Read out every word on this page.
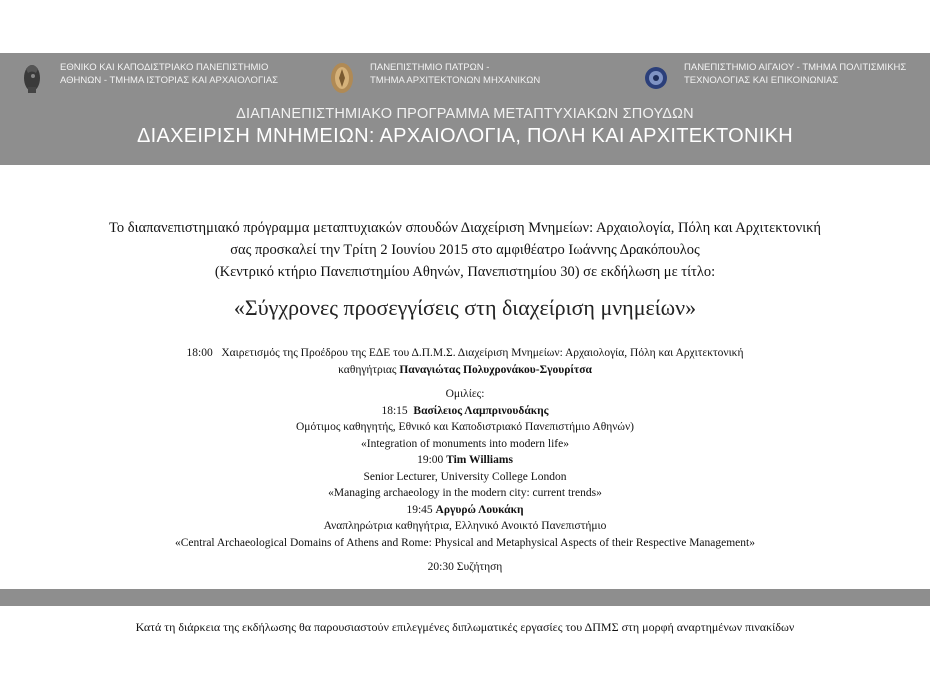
ΕΘΝΙΚΟ ΚΑΙ ΚΑΠΟΔΙΣΤΡΙΑΚΟ ΠΑΝΕΠΙΣΤΗΜΙΟ
ΑΘΗΝΩΝ - ΤΜΗΜΑ ΙΣΤΟΡΙΑΣ ΚΑΙ ΑΡΧΑΙΟΛΟΓΙΑΣ
ΠΑΝΕΠΙΣΤΗΜΙΟ ΠΑΤΡΩΝ -
ΤΜΗΜΑ ΑΡΧΙΤΕΚΤΟΝΩΝ ΜΗΧΑΝΙΚΩΝ
ΠΑΝΕΠΙΣΤΗΜΙΟ ΑΙΓΑΙΟΥ - ΤΜΗΜΑ ΠΟΛΙΤΙΣΜΙΚΗΣ
ΤΕΧΝΟΛΟΓΙΑΣ ΚΑΙ ΕΠΙΚΟΙΝΩΝΙΑΣ
ΔΙΑΠΑΝΕΠΙΣΤΗΜΙΑΚΟ ΠΡΟΓΡΑΜΜΑ ΜΕΤΑΠΤΥΧΙΑΚΩΝ ΣΠΟΥΔΩΝ
ΔΙΑΧΕΙΡΙΣΗ ΜΝΗΜΕΙΩΝ: ΑΡΧΑΙΟΛΟΓΙΑ, ΠΟΛΗ ΚΑΙ ΑΡΧΙΤΕΚΤΟΝΙΚΗ
Το διαπανεπιστημιακό πρόγραμμα μεταπτυχιακών σπουδών Διαχείριση Μνημείων: Αρχαιολογία, Πόλη και Αρχιτεκτονική
σας προσκαλεί την Τρίτη 2 Ιουνίου 2015 στο αμφιθέατρο Ιωάννης Δρακόπουλος
(Κεντρικό κτήριο Πανεπιστημίου Αθηνών, Πανεπιστημίου 30) σε εκδήλωση με τίτλο:
«Σύγχρονες προσεγγίσεις στη διαχείριση μνημείων»
18:00 Χαιρετισμός της Προέδρου της ΕΔΕ του Δ.Π.Μ.Σ. Διαχείριση Μνημείων: Αρχαιολογία, Πόλη και Αρχιτεκτονική
καθηγήτριας Παναγιώτας Πολυχρονάκου-Σγουρίτσα
Ομιλίες:
18:15 Βασίλειος Λαμπρινουδάκης
Ομότιμος καθηγητής, Εθνικό και Καποδιστριακό Πανεπιστήμιο Αθηνών)
«Integration of monuments into modern life»
19:00 Tim Williams
Senior Lecturer, University College London
«Managing archaeology in the modern city: current trends»
19:45 Αργυρώ Λουκάκη
Αναπληρώτρια καθηγήτρια, Ελληνικό Ανοικτό Πανεπιστήμιο
«Central Archaeological Domains of Athens and Rome: Physical and Metaphysical Aspects of their Respective Management»
20:30 Συζήτηση
Κατά τη διάρκεια της εκδήλωσης θα παρουσιαστούν επιλεγμένες διπλωματικές εργασίες του ΔΠΜΣ στη μορφή αναρτημένων πινακίδων
